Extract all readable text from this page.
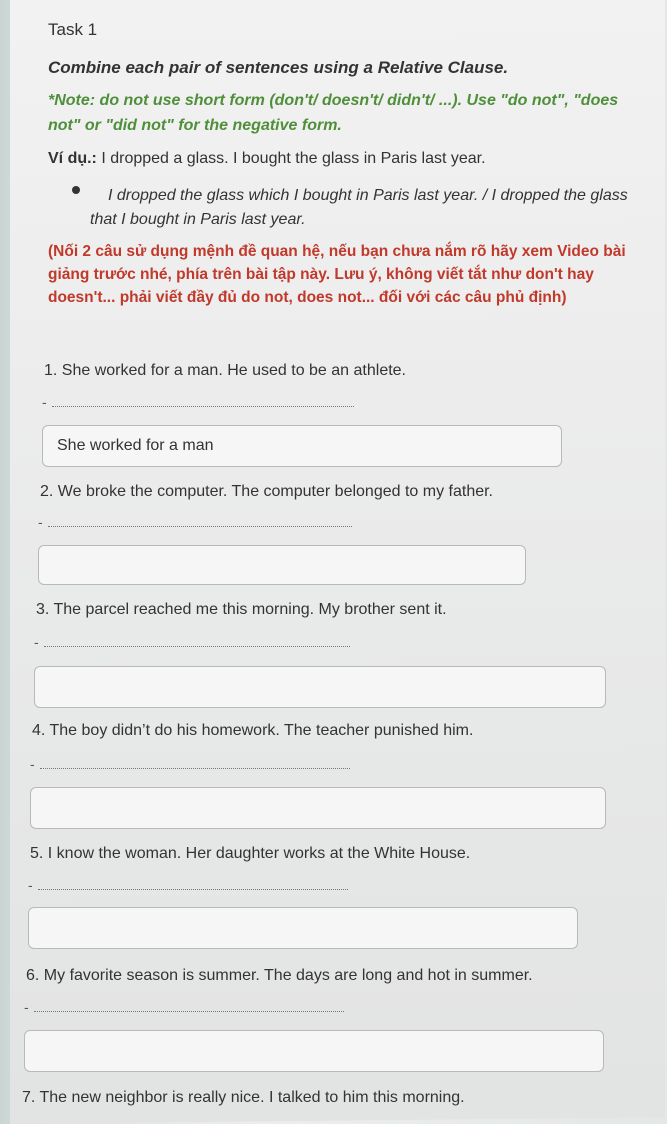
Task 1
Combine each pair of sentences using a Relative Clause.
*Note: do not use short form (don't/ doesn't/ didn't/ ...). Use "do not", "does not" or "did not" for the negative form.
Ví dụ.: I dropped a glass. I bought the glass in Paris last year.
I dropped the glass which I bought in Paris last year. / I dropped the glass that I bought in Paris last year.
(Nối 2 câu sử dụng mệnh đề quan hệ, nếu bạn chưa nắm rõ hãy xem Video bài giảng trước nhé, phía trên bài tập này. Lưu ý, không viết tắt như don't hay doesn't... phải viết đầy đủ do not, does not... đối với các câu phủ định)
1. She worked for a man. He used to be an athlete.
-
She worked for a man
2. We broke the computer. The computer belonged to my father.
-
3. The parcel reached me this morning. My brother sent it.
-
4. The boy didn’t do his homework. The teacher punished him.
-
5. I know the woman. Her daughter works at the White House.
-
6. My favorite season is summer. The days are long and hot in summer.
-
7. The new neighbor is really nice. I talked to him this morning.
